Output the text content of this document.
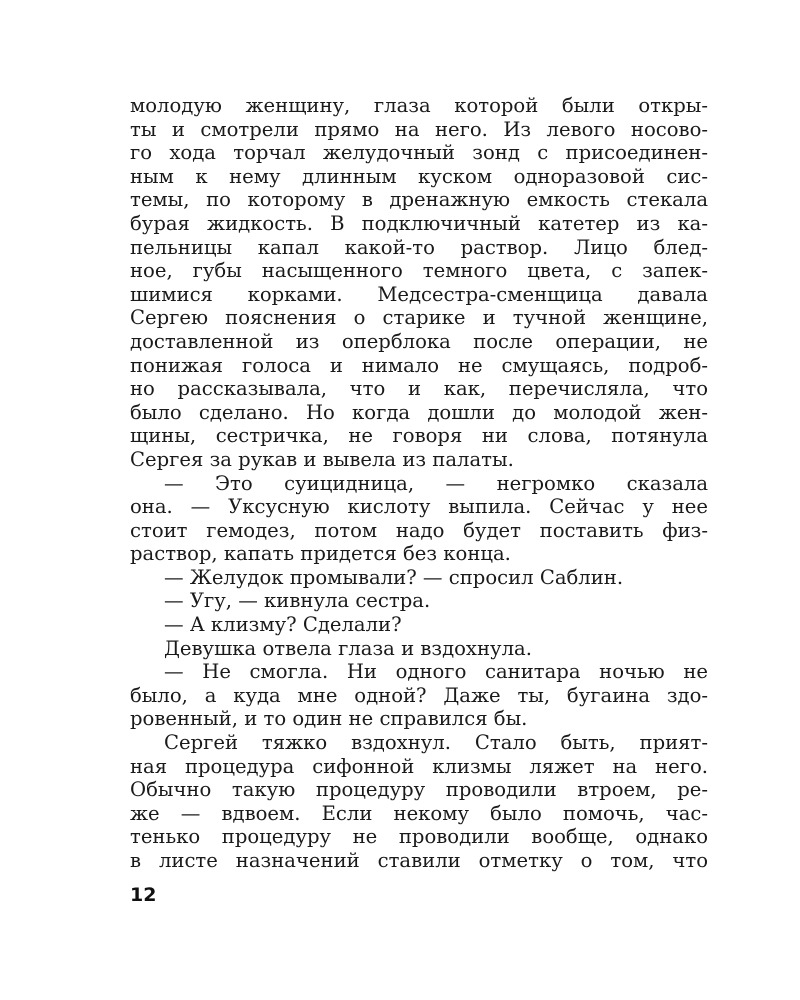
молодую женщину, глаза которой были откры-
ты и смотрели прямо на него. Из левого носово-
го хода торчал желудочный зонд с присоединен-
ным к нему длинным куском одноразовой сис-
темы, по которому в дренажную емкость стекала
бурая жидкость. В подключичный катетер из ка-
пельницы капал какой-то раствор. Лицо блед-
ное, губы насыщенного темного цвета, с запек-
шимися корками. Медсестра-сменщица давала
Сергею пояснения о старике и тучной женщине,
доставленной из оперблока после операции, не
понижая голоса и нимало не смущаясь, подроб-
но рассказывала, что и как, перечисляла, что
было сделано. Но когда дошли до молодой жен-
щины, сестричка, не говоря ни слова, потянула
Сергея за рукав и вывела из палаты.
— Это суицидница, — негромко сказала
она. — Уксусную кислоту выпила. Сейчас у нее
стоит гемодез, потом надо будет поставить физ-
раствор, капать придется без конца.
— Желудок промывали? — спросил Саблин.
— Угу, — кивнула сестра.
— А клизму? Сделали?
Девушка отвела глаза и вздохнула.
— Не смогла. Ни одного санитара ночью не
было, а куда мне одной? Даже ты, бугаина здо-
ровенный, и то один не справился бы.
Сергей тяжко вздохнул. Стало быть, прият-
ная процедура сифонной клизмы ляжет на него.
Обычно такую процедуру проводили втроем, ре-
же — вдвоем. Если некому было помочь, час-
тенько процедуру не проводили вообще, однако
в листе назначений ставили отметку о том, что
12
